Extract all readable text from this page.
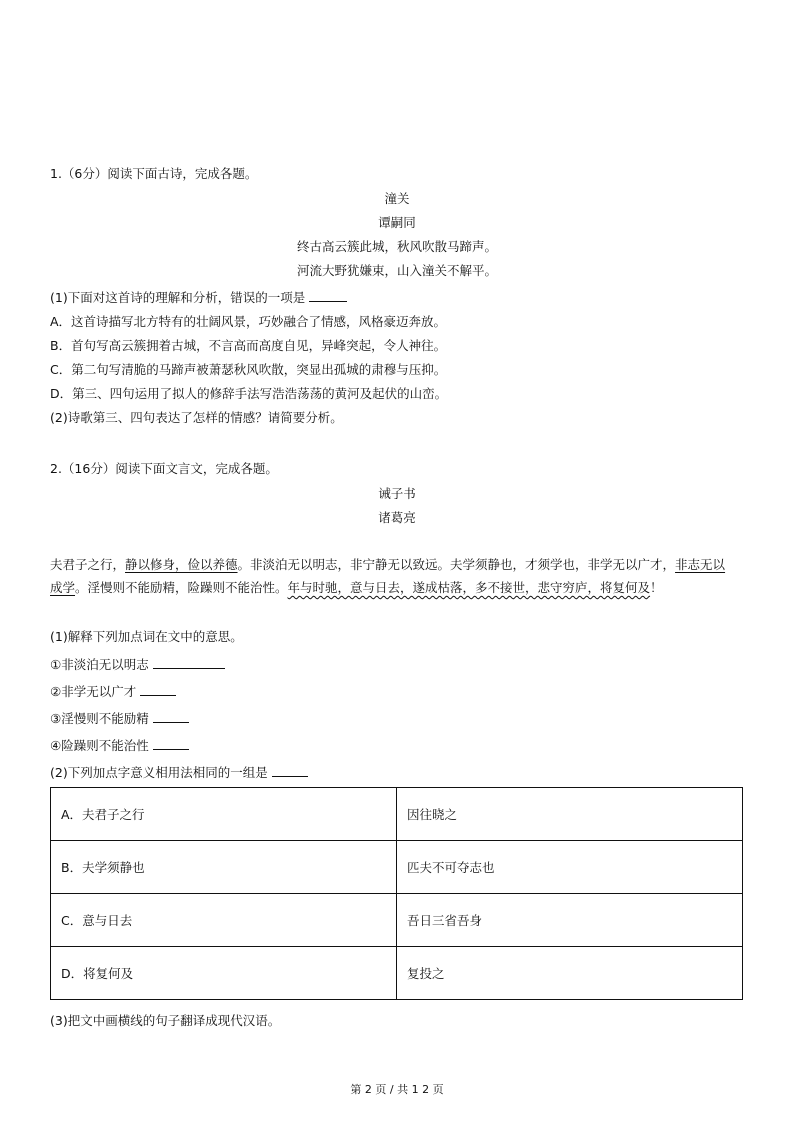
1.（6分）阅读下面古诗，完成各题。
潼关
谭嗣同
终古高云簇此城，秋风吹散马蹄声。
河流大野犹嫌束，山入潼关不解平。
(1)下面对这首诗的理解和分析，错误的一项是
A．这首诗描写北方特有的壮阔风景，巧妙融合了情感，风格豪迈奔放。
B．首句写高云簇拥着古城，不言高而高度自见，异峰突起，令人神往。
C．第二句写清脆的马蹄声被萧瑟秋风吹散，突显出孤城的肃穆与压抑。
D．第三、四句运用了拟人的修辞手法写浩浩荡荡的黄河及起伏的山峦。
(2)诗歌第三、四句表达了怎样的情感？请简要分析。
2.（16分）阅读下面文言文，完成各题。
诫子书
诸葛亮
夫君子之行，静以修身，俭以养德。非淡泊无以明志，非宁静无以致远。夫学须静也，才须学也，非学无以广才，非志无以成学。淫慢则不能励精，险躁则不能治性。年与时驰，意与日去，遂成枯落，多不接世，悲守穷庐，将复何及！
(1)解释下列加点词在文中的意思。
①非淡泊无以明志
②非学无以广才
③淫慢则不能励精
④险躁则不能治性
(2)下列加点字意义相用法相同的一组是
A．夫君子之行	因往晓之
B．夫学须静也	匹夫不可夺志也
C．意与日去	吾日三省吾身
D．将复何及	复投之
(3)把文中画横线的句子翻译成现代汉语。
第 2 页 / 共 1 2 页
